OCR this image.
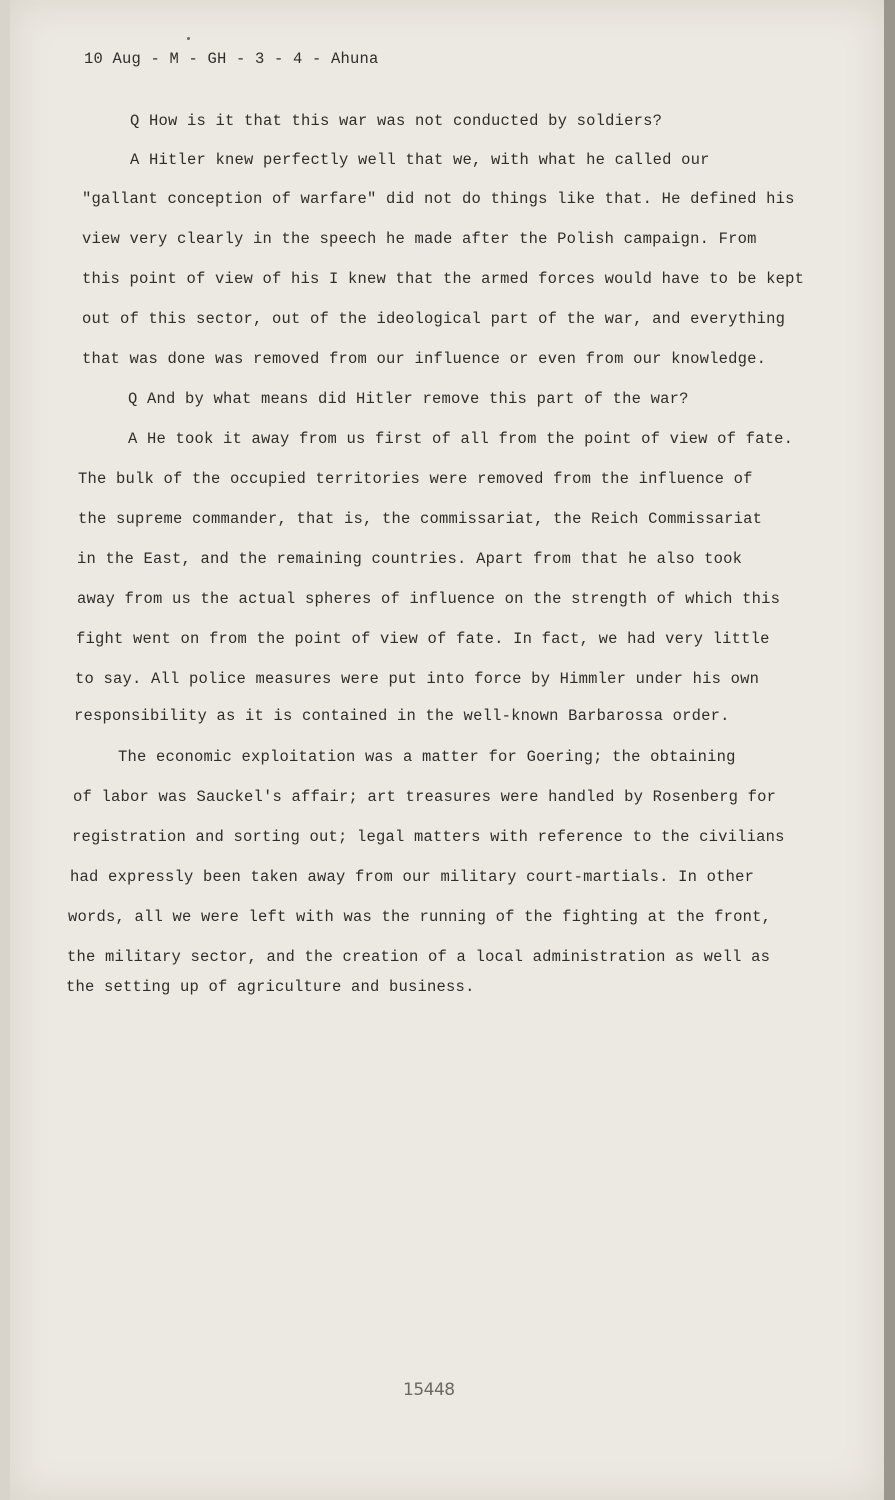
10 Aug - M - GH - 3 - 4 - Ahuna
Q How is it that this war was not conducted by soldiers?
A Hitler knew perfectly well that we, with what he called our
"gallant conception of warfare" did not do things like that. He defined his
view very clearly in the speech he made after the Polish campaign. From
this point of view of his I knew that the armed forces would have to be kept
out of this sector, out of the ideological part of the war, and everything
that was done was removed from our influence or even from our knowledge.
Q And by what means did Hitler remove this part of the war?
A He took it away from us first of all from the point of view of fate.
The bulk of the occupied territories were removed from the influence of
the supreme commander, that is, the commissariat, the Reich Commissariat
in the East, and the remaining countries. Apart from that he also took
away from us the actual spheres of influence on the strength of which this
fight went on from the point of view of fate. In fact, we had very little
to say. All police measures were put into force by Himmler under his own
responsibility as it is contained in the well-known Barbarossa order.
The economic exploitation was a matter for Goering; the obtaining
of labor was Sauckel's affair; art treasures were handled by Rosenberg for
registration and sorting out; legal matters with reference to the civilians
had expressly been taken away from our military court-martials. In other
words, all we were left with was the running of the fighting at the front,
the military sector, and the creation of a local administration as well as
the setting up of agriculture and business.
15448
